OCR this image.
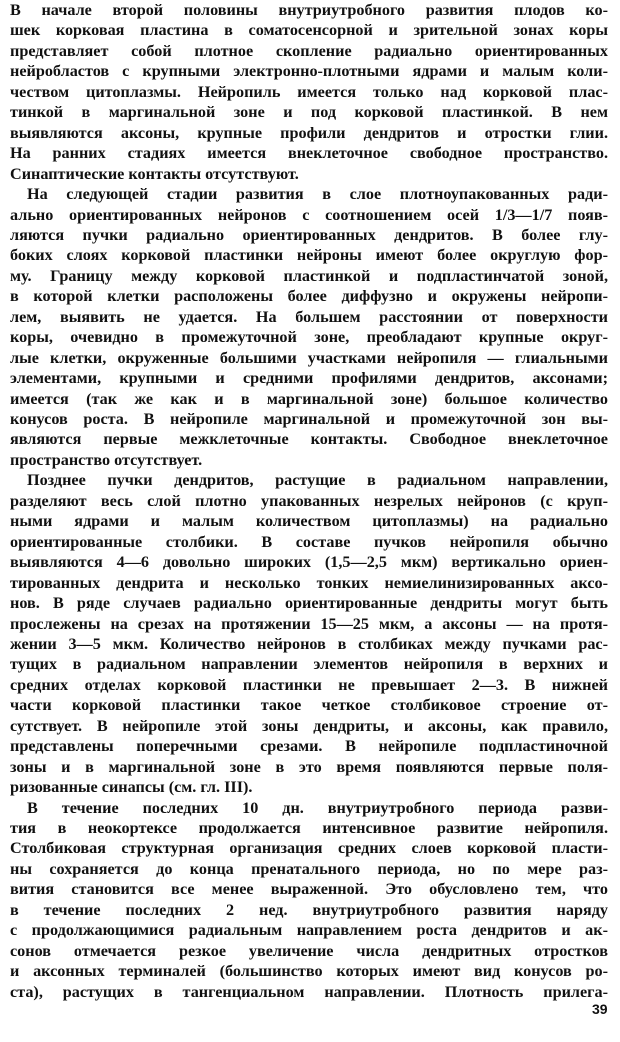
В начале второй половины внутриутробного развития плодов ко-
шек корковая пластина в соматосенсорной и зрительной зонах коры
представляет собой плотное скопление радиально ориентированных
нейробластов с крупными электронно-плотными ядрами и малым коли-
чеством цитоплазмы. Нейропиль имеется только над корковой плас-
тинкой в маргинальной зоне и под корковой пластинкой. В нем
выявляются аксоны, крупные профили дендритов и отростки глии.
На ранних стадиях имеется внеклеточное свободное пространство.
Синаптические контакты отсутствуют.
На следующей стадии развития в слое плотноупакованных ради-
ально ориентированных нейронов с соотношением осей 1/3—1/7 появ-
ляются пучки радиально ориентированных дендритов. В более глу-
боких слоях корковой пластинки нейроны имеют более округлую фор-
му. Границу между корковой пластинкой и подпластинчатой зоной,
в которой клетки расположены более диффузно и окружены нейропи-
лем, выявить не удается. На большем расстоянии от поверхности
коры, очевидно в промежуточной зоне, преобладают крупные округ-
лые клетки, окруженные большими участками нейропиля — глиальными
элементами, крупными и средними профилями дендритов, аксонами;
имеется (так же как и в маргинальной зоне) большое количество
конусов роста. В нейропиле маргинальной и промежуточной зон вы-
являются первые межклеточные контакты. Свободное внеклеточное
пространство отсутствует.
Позднее пучки дендритов, растущие в радиальном направлении,
разделяют весь слой плотно упакованных незрелых нейронов (с круп-
ными ядрами и малым количеством цитоплазмы) на радиально
ориентированные столбики. В составе пучков нейропиля обычно
выявляются 4—6 довольно широких (1,5—2,5 мкм) вертикально ориен-
тированных дендрита и несколько тонких немиелинизированных аксо-
нов. В ряде случаев радиально ориентированные дендриты могут быть
прослежены на срезах на протяжении 15—25 мкм, а аксоны — на протя-
жении 3—5 мкм. Количество нейронов в столбиках между пучками рас-
тущих в радиальном направлении элементов нейропиля в верхних и
средних отделах корковой пластинки не превышает 2—3. В нижней
части корковой пластинки такое четкое столбиковое строение от-
сутствует. В нейропиле этой зоны дендриты, и аксоны, как правило,
представлены поперечными срезами. В нейропиле подпластиночной
зоны и в маргинальной зоне в это время появляются первые поля-
ризованные синапсы (см. гл. III).
В течение последних 10 дн. внутриутробного периода разви-
тия в неокортексе продолжается интенсивное развитие нейропиля.
Столбиковая структурная организация средних слоев корковой пласти-
ны сохраняется до конца пренатального периода, но по мере раз-
вития становится все менее выраженной. Это обусловлено тем, что
в течение последних 2 нед. внутриутробного развития наряду
с продолжающимися радиальным направлением роста дендритов и ак-
сонов отмечается резкое увеличение числа дендритных отростков
и аксонных терминалей (большинство которых имеют вид конусов ро-
ста), растущих в тангенциальном направлении. Плотность прилега-
39
